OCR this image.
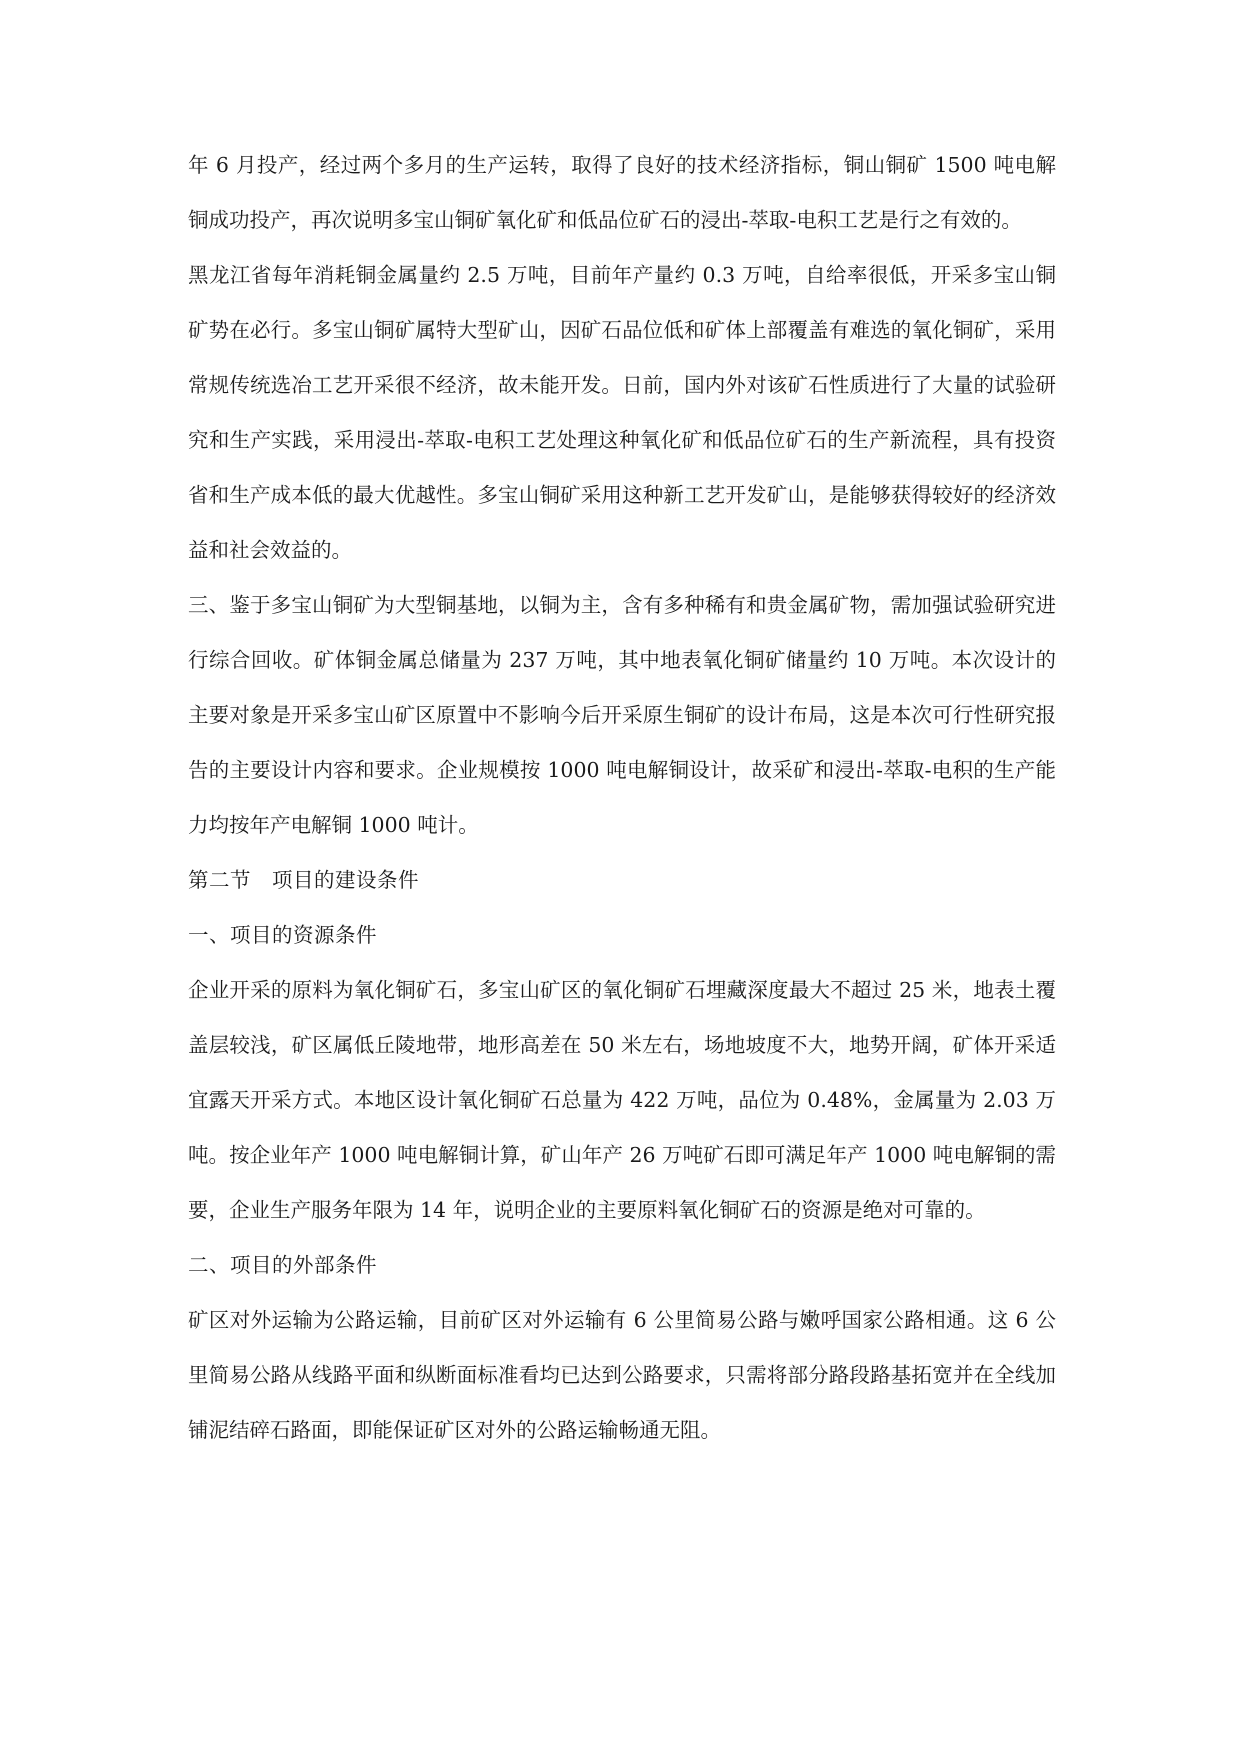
年 6 月投产，经过两个多月的生产运转，取得了良好的技术经济指标，铜山铜矿 1500 吨电解铜成功投产，再次说明多宝山铜矿氧化矿和低品位矿石的浸出-萃取-电积工艺是行之有效的。

黑龙江省每年消耗铜金属量约 2.5 万吨，目前年产量约 0.3 万吨，自给率很低，开采多宝山铜矿势在必行。多宝山铜矿属特大型矿山，因矿石品位低和矿体上部覆盖有难选的氧化铜矿，采用常规传统选冶工艺开采很不经济，故未能开发。日前，国内外对该矿石性质进行了大量的试验研究和生产实践，采用浸出-萃取-电积工艺处理这种氧化矿和低品位矿石的生产新流程，具有投资省和生产成本低的最大优越性。多宝山铜矿采用这种新工艺开发矿山，是能够获得较好的经济效益和社会效益的。

三、鉴于多宝山铜矿为大型铜基地，以铜为主，含有多种稀有和贵金属矿物，需加强试验研究进行综合回收。矿体铜金属总储量为 237 万吨，其中地表氧化铜矿储量约 10 万吨。本次设计的主要对象是开采多宝山矿区原置中不影响今后开采原生铜矿的设计布局，这是本次可行性研究报告的主要设计内容和要求。企业规模按 1000 吨电解铜设计，故采矿和浸出-萃取-电积的生产能力均按年产电解铜 1000 吨计。

第二节　项目的建设条件

一、项目的资源条件

企业开采的原料为氧化铜矿石，多宝山矿区的氧化铜矿石埋藏深度最大不超过 25 米，地表土覆盖层较浅，矿区属低丘陵地带，地形高差在 50 米左右，场地坡度不大，地势开阔，矿体开采适宜露天开采方式。本地区设计氧化铜矿石总量为 422 万吨，品位为 0.48%，金属量为 2.03 万吨。按企业年产 1000 吨电解铜计算，矿山年产 26 万吨矿石即可满足年产 1000 吨电解铜的需要，企业生产服务年限为 14 年，说明企业的主要原料氧化铜矿石的资源是绝对可靠的。

二、项目的外部条件

矿区对外运输为公路运输，目前矿区对外运输有 6 公里简易公路与嫩呼国家公路相通。这 6 公里简易公路从线路平面和纵断面标准看均已达到公路要求，只需将部分路段路基拓宽并在全线加铺泥结碎石路面，即能保证矿区对外的公路运输畅通无阻。
